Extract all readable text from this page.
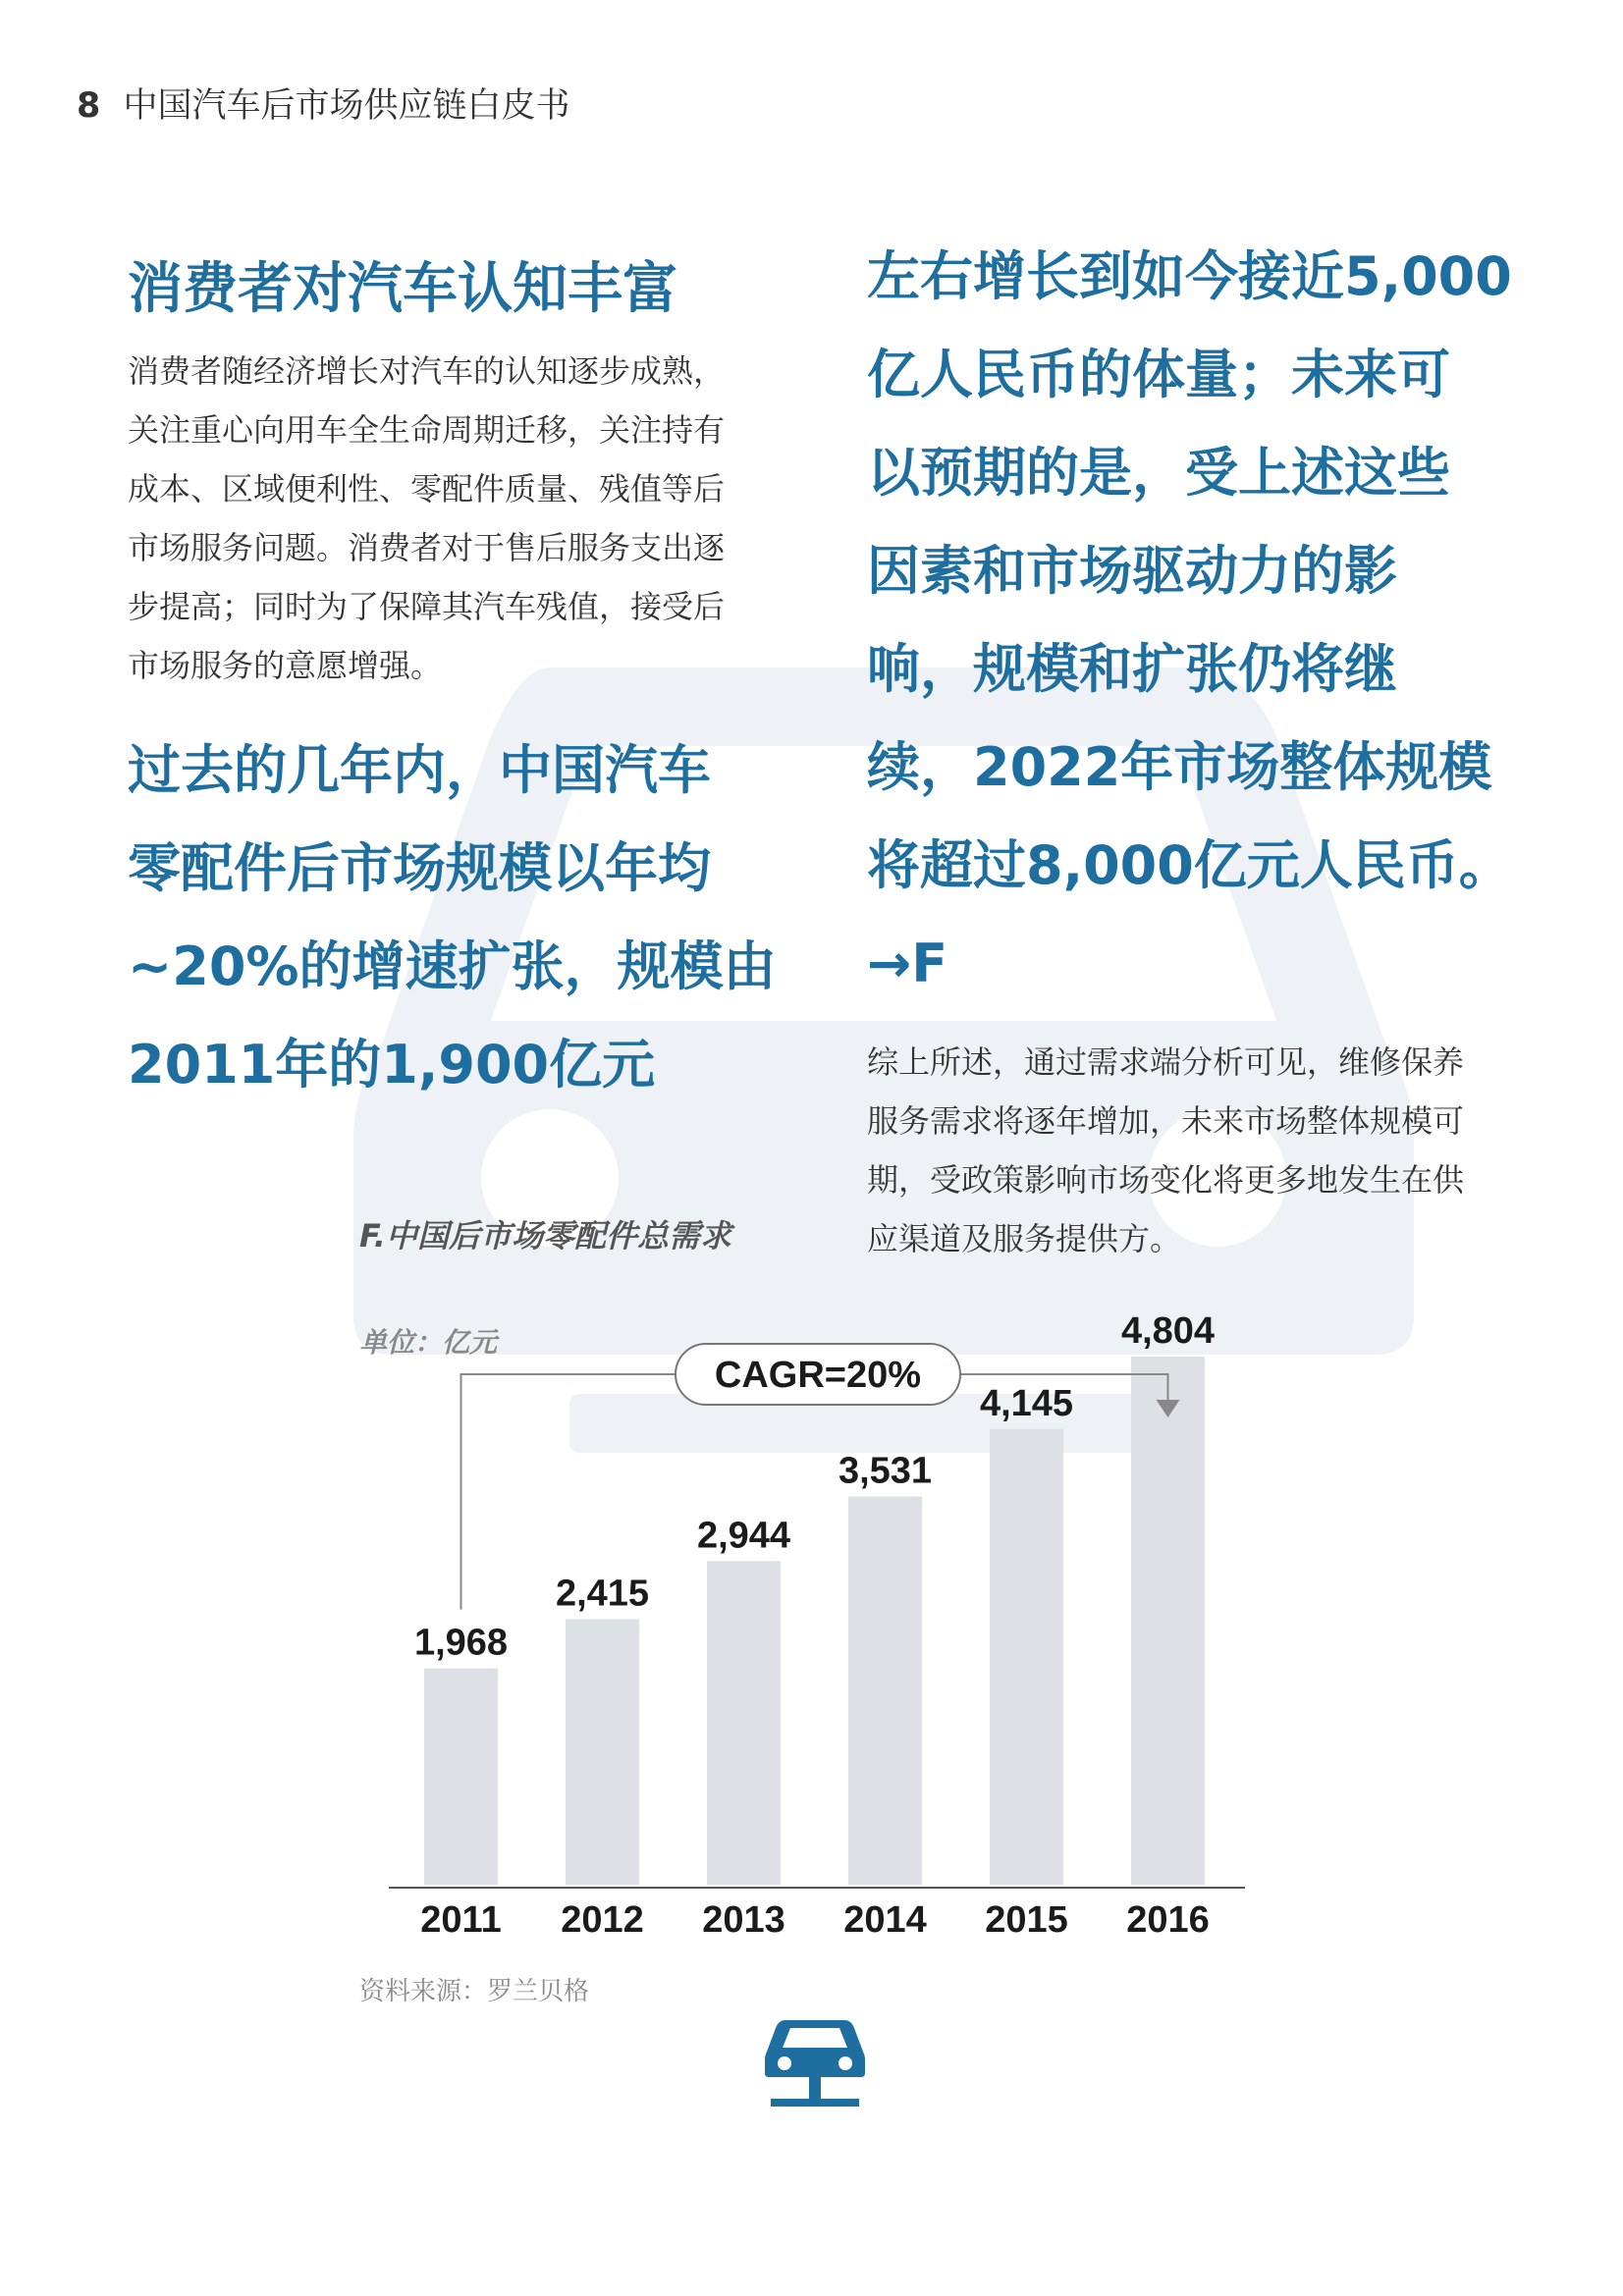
8 中国汽车后市场供应链白皮书
消费者对汽车认知丰富
消费者随经济增长对汽车的认知逐步成熟，
关注重心向用车全生命周期迁移，关注持有
成本、区域便利性、零配件质量、残值等后
市场服务问题。消费者对于售后服务支出逐
步提高；同时为了保障其汽车残值，接受后
市场服务的意愿增强。
过去的几年内，中国汽车
零配件后市场规模以年均
~20%的增速扩张，规模由
2011年的1,900亿元
左右增长到如今接近5,000
亿人民币的体量；未来可
以预期的是，受上述这些
因素和市场驱动力的影
响，规模和扩张仍将继
续，2022年市场整体规模
将超过8,000亿元人民币。
→F
综上所述，通过需求端分析可见，维修保养
服务需求将逐年增加，未来市场整体规模可
期，受政策影响市场变化将更多地发生在供
应渠道及服务提供方。
F.中国后市场零配件总需求
单位：亿元
资料来源：罗兰贝格
1,968
2011
2,415
2012
2,944
2013
3,531
2014
4,145
2015
4,804
2016
CAGR=20%
